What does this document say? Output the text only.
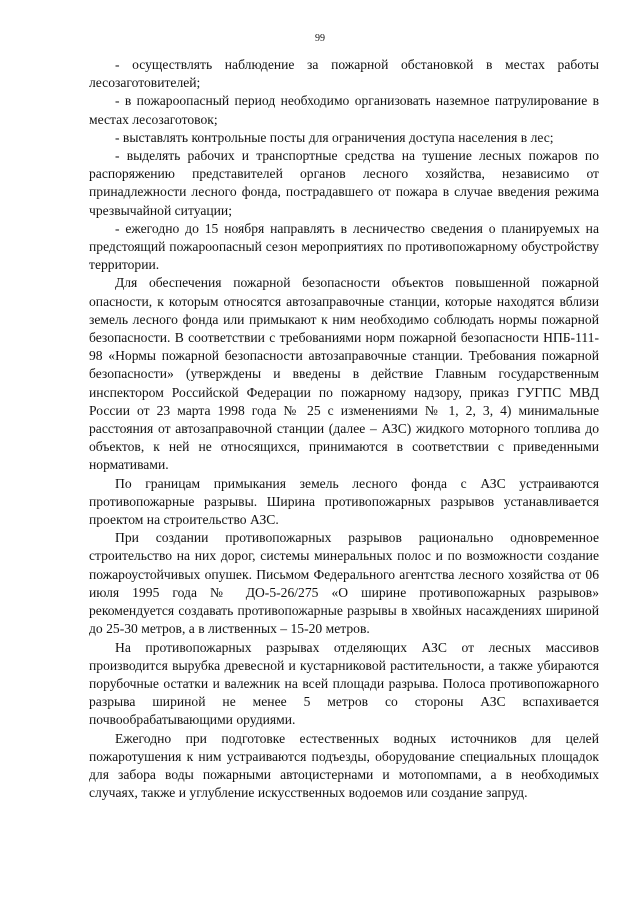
99

- осуществлять наблюдение за пожарной обстановкой в местах работы лесозаготовителей;

- в пожароопасный период необходимо организовать наземное патрулирование в местах лесозаготовок;

- выставлять контрольные посты для ограничения доступа населения в лес;

- выделять рабочих и транспортные средства на тушение лесных пожаров по распоряжению представителей органов лесного хозяйства, независимо от принадлежности лесного фонда, пострадавшего от пожара в случае введения режима чрезвычайной ситуации;

- ежегодно до 15 ноября направлять в лесничество сведения о планируемых на предстоящий пожароопасный сезон мероприятиях по противопожарному обустройству территории.

Для обеспечения пожарной безопасности объектов повышенной пожарной опасности, к которым относятся автозаправочные станции, которые находятся вблизи земель лесного фонда или примыкают к ним необходимо соблюдать нормы пожарной безопасности. В соответствии с требованиями норм пожарной безопасности НПБ-111-98 «Нормы пожарной безопасности автозаправочные станции. Требования пожарной безопасности» (утверждены и введены в действие Главным государственным инспектором Российской Федерации по пожарному надзору, приказ ГУГПС МВД России от 23 марта 1998 года № 25 с изменениями № 1, 2, 3, 4) минимальные расстояния от автозаправочной станции (далее – АЗС) жидкого моторного топлива до объектов, к ней не относящихся, принимаются в соответствии с приведенными нормативами.

По границам примыкания земель лесного фонда с АЗС устраиваются противопожарные разрывы. Ширина противопожарных разрывов устанавливается проектом на строительство АЗС.

При создании противопожарных разрывов рационально одновременное строительство на них дорог, системы минеральных полос и по возможности создание пожароустойчивых опушек. Письмом Федерального агентства лесного хозяйства от 06 июля 1995 года № ДО-5-26/275 «О ширине противопожарных разрывов» рекомендуется создавать противопожарные разрывы в хвойных насаждениях шириной до 25-30 метров, а в лиственных – 15-20 метров.

На противопожарных разрывах отделяющих АЗС от лесных массивов производится вырубка древесной и кустарниковой растительности, а также убираются порубочные остатки и валежник на всей площади разрыва. Полоса противопожарного разрыва шириной не менее 5 метров со стороны АЗС вспахивается почвообрабатывающими орудиями.

Ежегодно при подготовке естественных водных источников для целей пожаротушения к ним устраиваются подъезды, оборудование специальных площадок для забора воды пожарными автоцистернами и мотопомпами, а в необходимых случаях, также и углубление искусственных водоемов или создание запруд.
